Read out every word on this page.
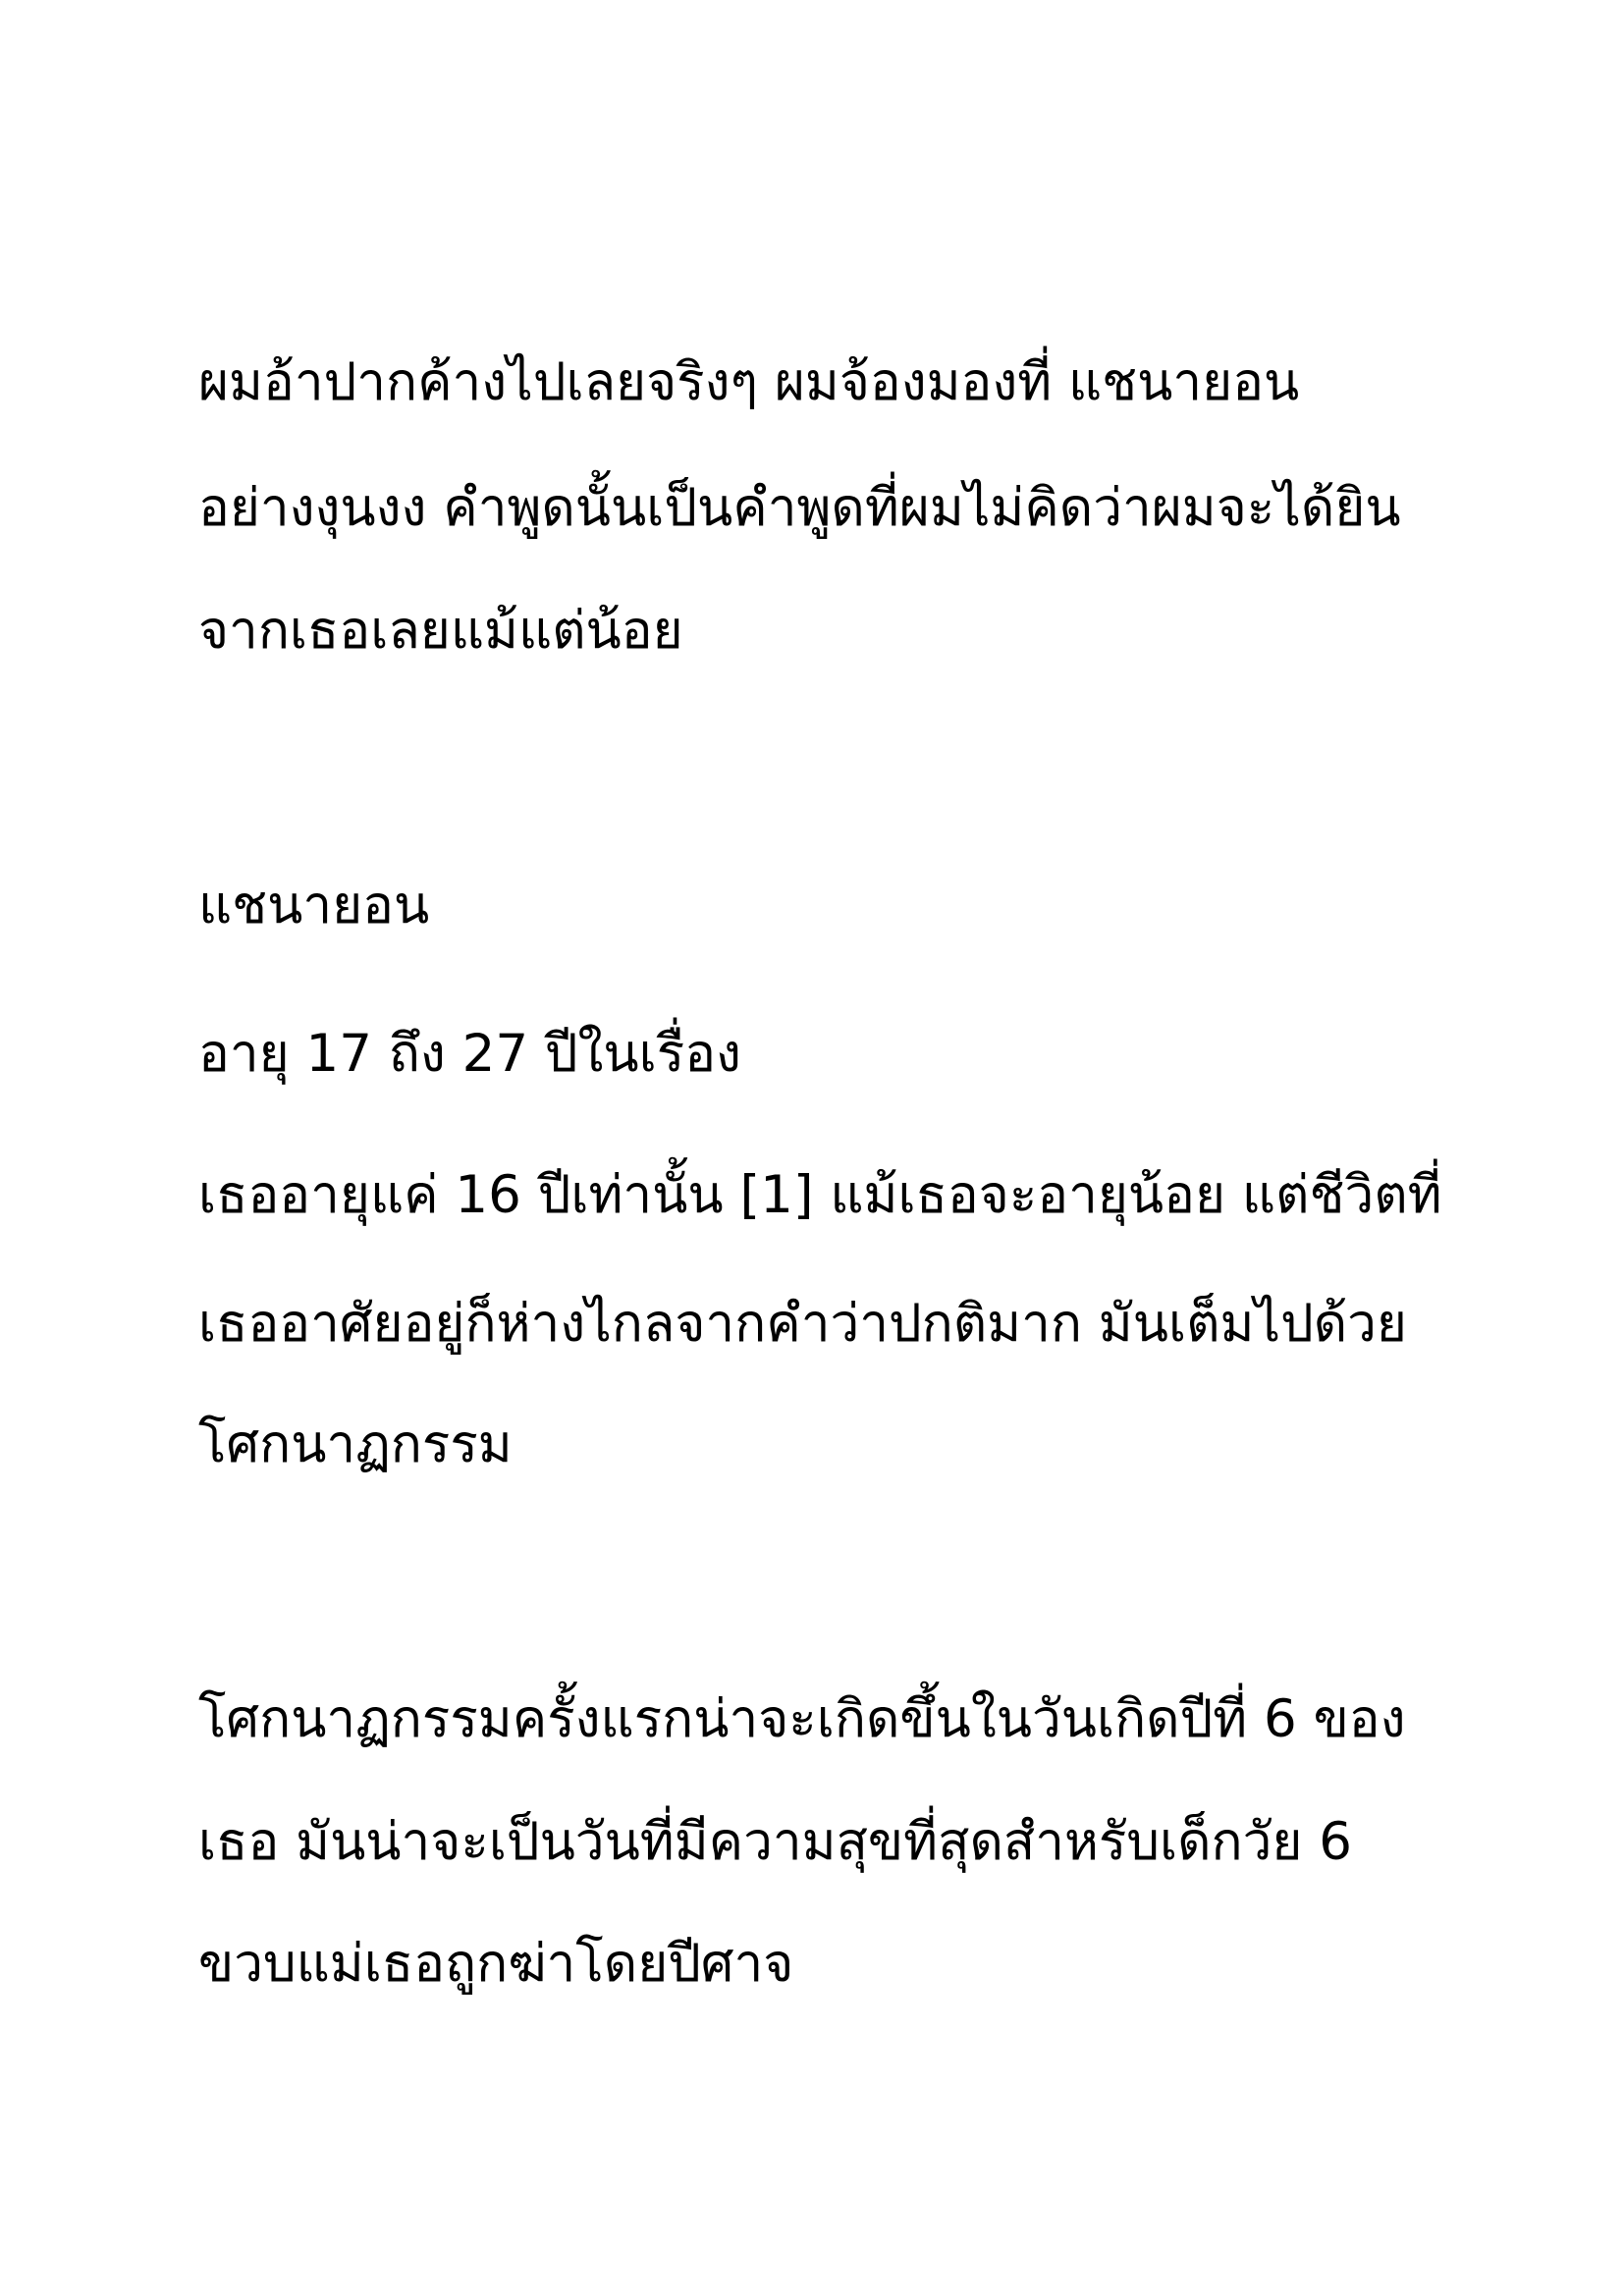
ผมอ้าปากค้างไปเลยจริงๆ ผมจ้องมองที่ แชนายอน
อย่างงุนงง คำพูดนั้นเป็นคำพูดที่ผมไม่คิดว่าผมจะได้ยิน
จากเธอเลยแม้แต่น้อย
แชนายอน
อายุ 17 ถึง 27 ปีในเรื่อง
เธออายุแค่ 16 ปีเท่านั้น [1] แม้เธอจะอายุน้อย แต่ชีวิตที่
เธออาศัยอยู่ก็ห่างไกลจากคำว่าปกติมาก มันเต็มไปด้วย
โศกนาฏกรรม
โศกนาฏกรรมครั้งแรกน่าจะเกิดขึ้นในวันเกิดปีที่ 6 ของ
เธอ มันน่าจะเป็นวันที่มีความสุขที่สุดสำหรับเด็กวัย 6
ขวบแม่เธอถูกฆ่าโดยปีศาจ
